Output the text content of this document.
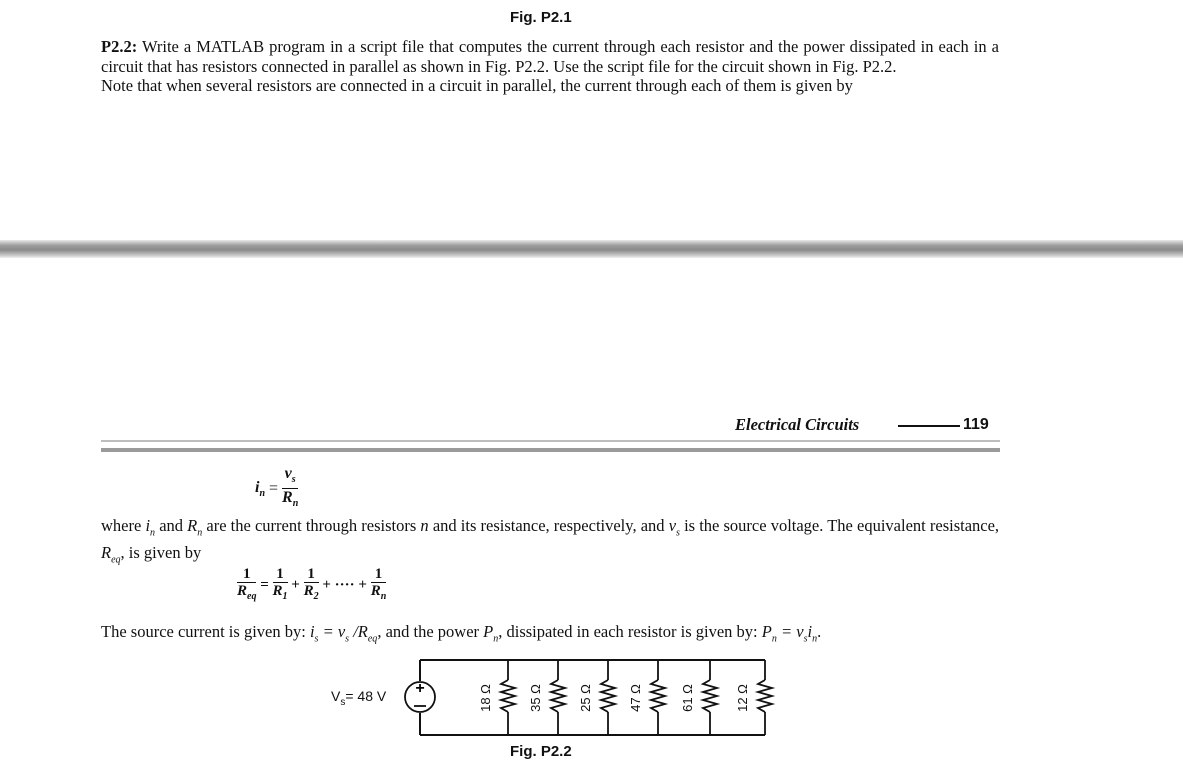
Fig. P2.1

P2.2: Write a MATLAB program in a script file that computes the current through each resistor and the power dissipated in each in a circuit that has resistors connected in parallel as shown in Fig. P2.2. Use the script file for the circuit shown in Fig. P2.2.

Note that when several resistors are connected in a circuit in parallel, the current through each of them is given by

Electrical Circuits	119
$i_n = \frac{v_s}{R_n}$
where $i_n$ and $R_n$ are the current through resistors n and its resistance, respectively, and $v_s$ is the source voltage. The equivalent resistance, $R_{eq}$, is given by
$\frac{1}{R_{eq}} = \frac{1}{R_1} + \frac{1}{R_2}$ + ···· + $\frac{1}{R_n}$
The source current is given by: $i_s = v_s$ $/R_{eq}$, and the power $P_n$, dissipated in each resistor is given by: $P_n = v_si_n$.
+	18 Ω	35 Ω	25 Ω	47 Ω	61 Ω	12 Ω
$V_s= 48$ V
Fig. P2.2
